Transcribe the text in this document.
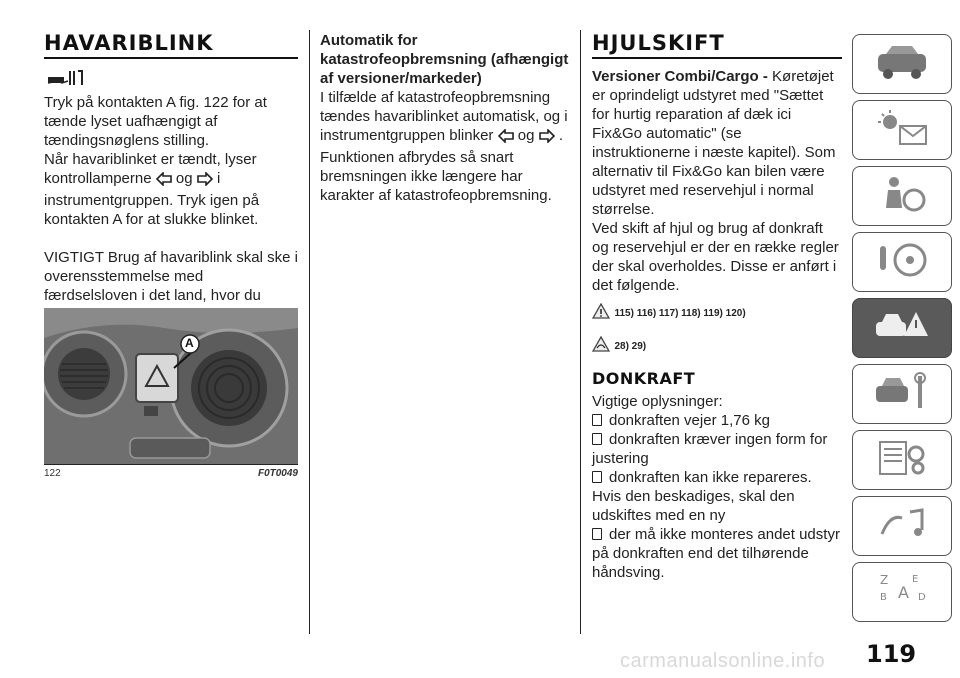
HAVARIBLINK

Tryk på kontakten A fig. 122 for at tænde lyset uafhængigt af tændingsnøglens stilling.

Når havariblinket er tændt, lyser kontrollamperne og i instrumentgruppen. Tryk igen på kontakten A for at slukke blinket.

VIGTIGT Brug af havariblink skal ske i overensstemmelse med færdselsloven i det land, hvor du

A
122	F0T0049

Automatik for katastrofeopbremsning (afhængigt af versioner/markeder)

I tilfælde af katastrofeopbremsning tændes havariblinket automatisk, og i instrumentgruppen blinker og .

Funktionen afbrydes så snart bremsningen ikke længere har karakter af katastrofeopbremsning.

HJULSKIFT

Versioner Combi/Cargo - Køretøjet er oprindeligt udstyret med "Sættet for hurtig reparation af dæk ici Fix&Go automatic" (se instruktionerne i næste kapitel). Som alternativ til Fix&Go kan bilen være udstyret med reservehjul i normal størrelse.

Ved skift af hjul og brug af donkraft og reservehjul er der en række regler der skal overholdes. Disse er anført i det følgende.

115) 116) 117) 118) 119) 120)
28) 29)
DONKRAFT

Vigtige oplysninger:

donkraften vejer 1,76 kg

donkraften kræver ingen form for justering

donkraften kan ikke repareres. Hvis den beskadiges, skal den udskiftes med en ny

der må ikke monteres andet udstyr på donkraften end det tilhørende håndsving.	Z E
B A D
119
carmanualsonline.info
